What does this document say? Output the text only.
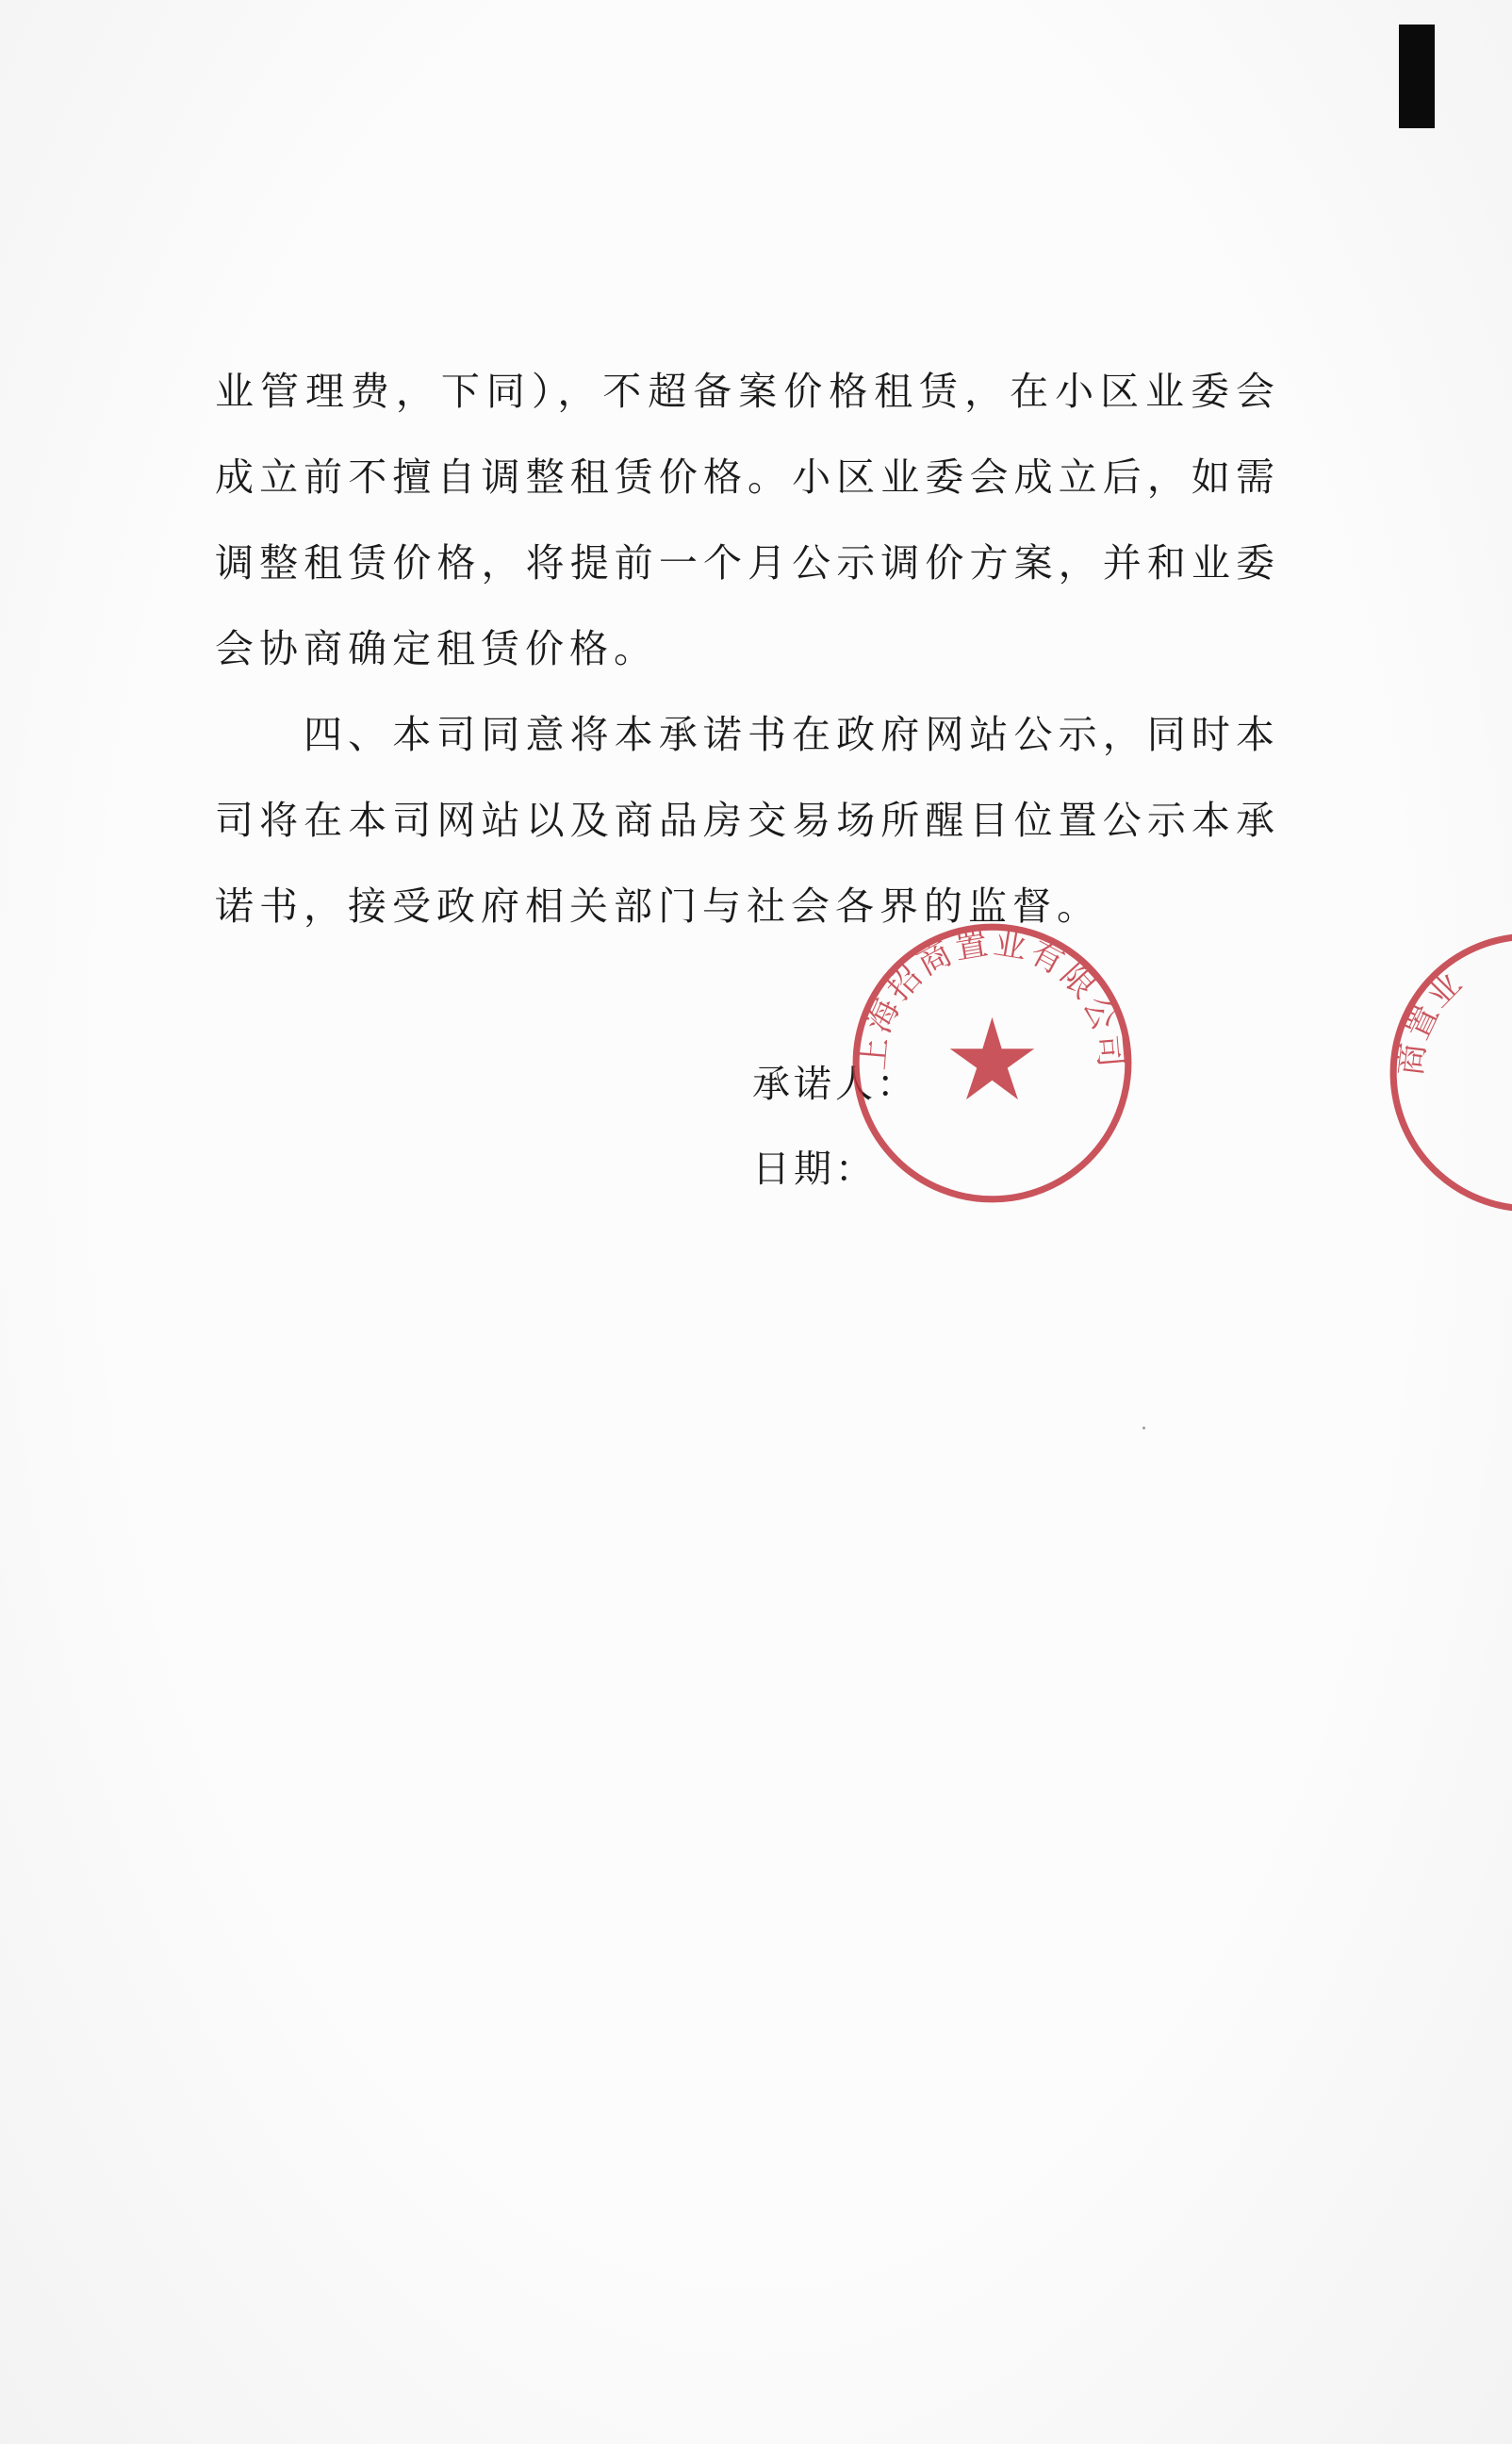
业管理费，下同），不超备案价格租赁，在小区业委会成立前不擅自调整租赁价格。小区业委会成立后，如需调整租赁价格，将提前一个月公示调价方案，并和业委会协商确定租赁价格。

四、本司同意将本承诺书在政府网站公示，同时本司将在本司网站以及商品房交易场所醒目位置公示本承诺书，接受政府相关部门与社会各界的监督。

承诺人：
日期：
上海招商置业有限公司	商置业
